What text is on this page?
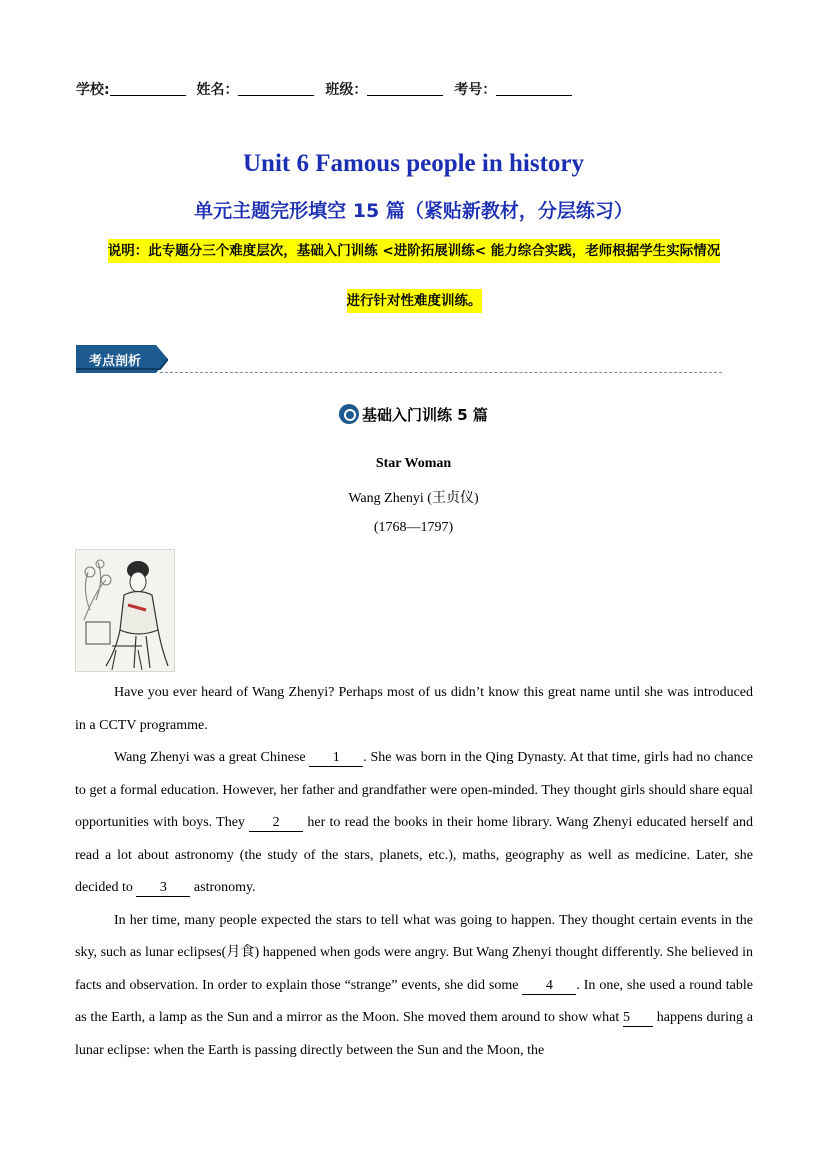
学校:	姓名：	班级：	考号：
Unit 6 Famous people in history
单元主题完形填空 15 篇（紧贴新教材，分层练习）
说明：此专题分三个难度层次，基础入门训练 <进阶拓展训练< 能力综合实践，老师根据学生实际情况
进行针对性难度训练。
考点剖析
基础入门训练 5 篇
Star Woman
Wang Zhenyi (王贞仪)
(1768—1797)

Have you ever heard of Wang Zhenyi? Perhaps most of us didn’t know this great name until she was introduced in a CCTV programme.

Wang Zhenyi was a great Chinese 1 . She was born in the Qing Dynasty. At that time, girls had no chance to get a formal education. However, her father and grandfather were open-minded. They thought girls should share equal opportunities with boys. They 2 her to read the books in their home library. Wang Zhenyi educated herself and read a lot about astronomy (the study of the stars, planets, etc.), maths, geography as well as medicine. Later, she decided to 3 astronomy.

In her time, many people expected the stars to tell what was going to happen. They thought certain events in the sky, such as lunar eclipses(月食) happened when gods were angry. But Wang Zhenyi thought differently. She believed in facts and observation. In order to explain those “strange” events, she did some 4 . In one, she used a round table as the Earth, a lamp as the Sun and a mirror as the Moon. She moved them around to show what 5 happens during a lunar eclipse: when the Earth is passing directly between the Sun and the Moon, the
